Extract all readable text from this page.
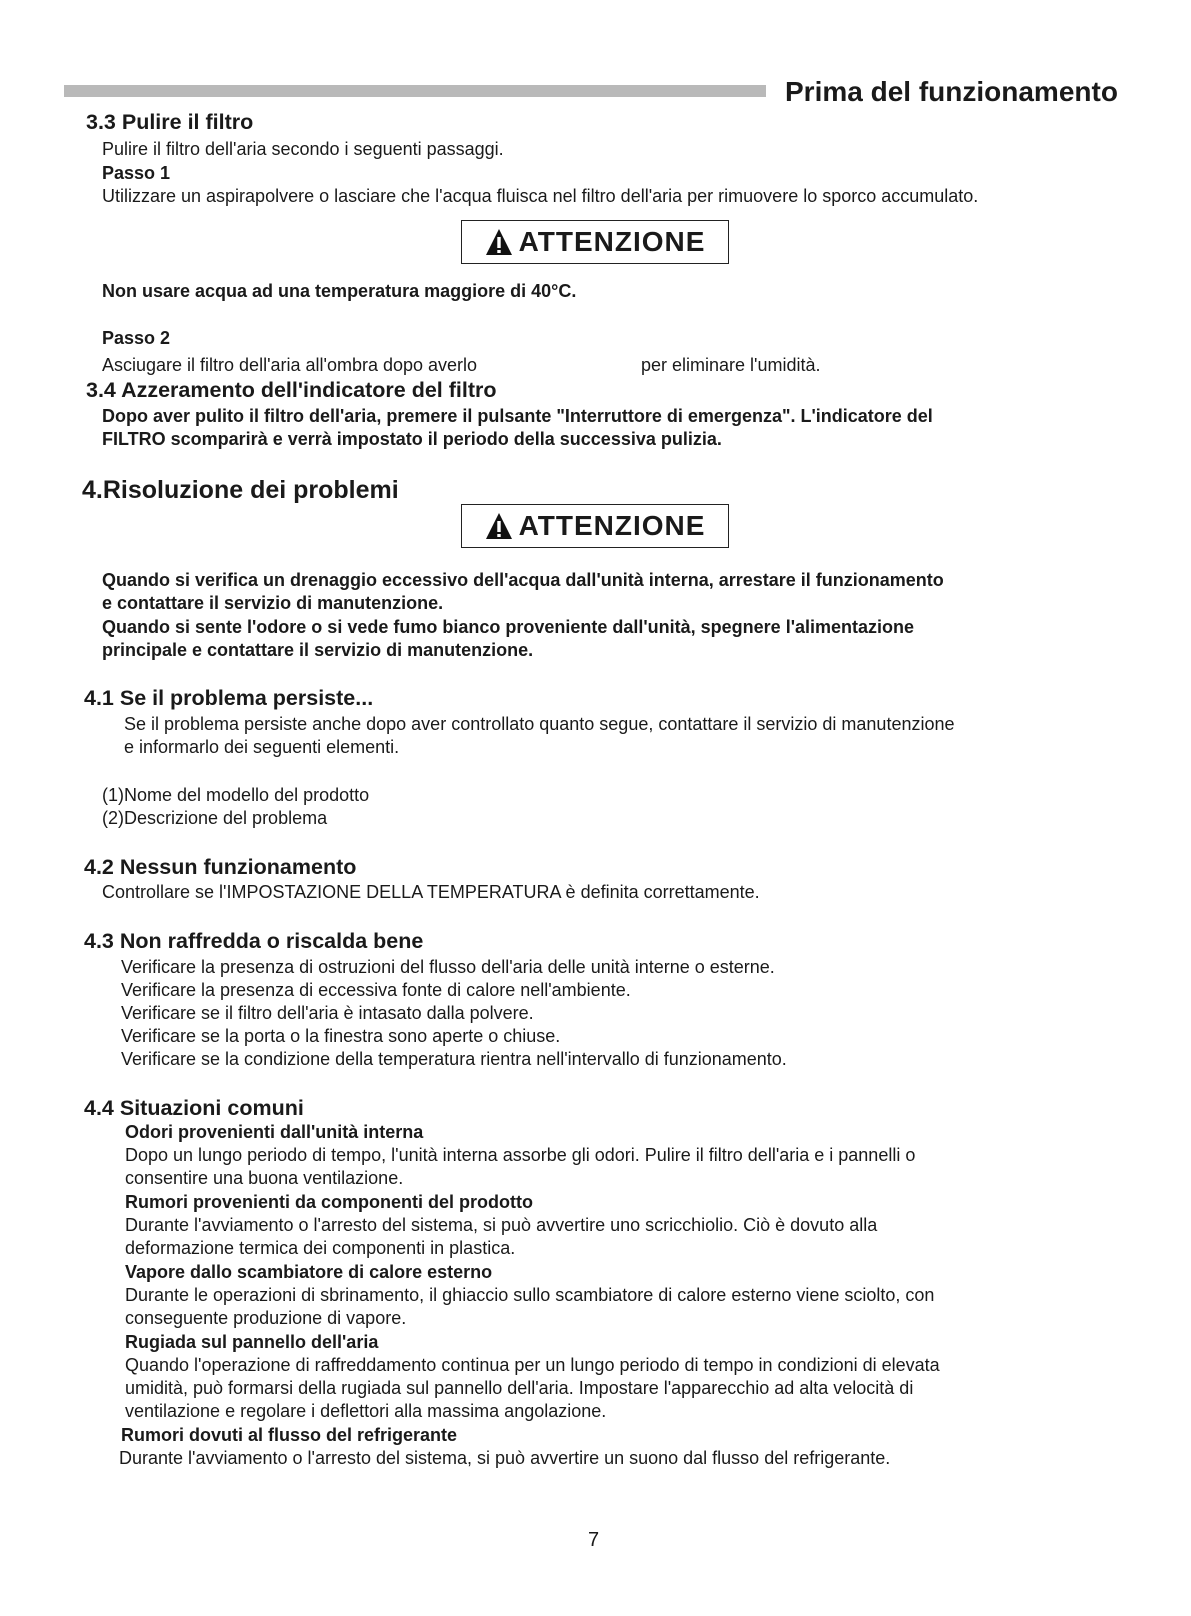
Prima del funzionamento
3.3 Pulire il filtro
Pulire il filtro dell'aria secondo i seguenti passaggi.
Passo 1
Utilizzare un aspirapolvere o lasciare che l'acqua fluisca nel filtro dell'aria per rimuovere lo sporco accumulato.
ATTENZIONE
Non usare acqua ad una temperatura maggiore di 40°C.
Passo 2
Asciugare il filtro dell'aria all'ombra dopo averlo	per eliminare l'umidità.
3.4 Azzeramento dell'indicatore del filtro
Dopo aver pulito il filtro dell'aria, premere il pulsante "Interruttore di emergenza". L'indicatore del
FILTRO scomparirà e verrà impostato il periodo della successiva pulizia.
4.Risoluzione dei problemi
ATTENZIONE
Quando si verifica un drenaggio eccessivo dell'acqua dall'unità interna, arrestare il funzionamento
e contattare il servizio di manutenzione.
Quando si sente l'odore o si vede fumo bianco proveniente dall'unità, spegnere l'alimentazione
principale e contattare il servizio di manutenzione.
4.1 Se il problema persiste...
Se il problema persiste anche dopo aver controllato quanto segue, contattare il servizio di manutenzione
e informarlo dei seguenti elementi.
(1)Nome del modello del prodotto
(2)Descrizione del problema
4.2 Nessun funzionamento
Controllare se l'IMPOSTAZIONE DELLA TEMPERATURA è definita correttamente.
4.3 Non raffredda o riscalda bene
Verificare la presenza di ostruzioni del flusso dell'aria delle unità interne o esterne.
Verificare la presenza di eccessiva fonte di calore nell'ambiente.
Verificare se il filtro dell'aria è intasato dalla polvere.
Verificare se la porta o la finestra sono aperte o chiuse.
Verificare se la condizione della temperatura rientra nell'intervallo di funzionamento.
4.4 Situazioni comuni
Odori provenienti dall'unità interna
Dopo un lungo periodo di tempo, l'unità interna assorbe gli odori. Pulire il filtro dell'aria e i pannelli o
consentire una buona ventilazione.
Rumori provenienti da componenti del prodotto
Durante l'avviamento o l'arresto del sistema, si può avvertire uno scricchiolio. Ciò è dovuto alla
deformazione termica dei componenti in plastica.
Vapore dallo scambiatore di calore esterno
Durante le operazioni di sbrinamento, il ghiaccio sullo scambiatore di calore esterno viene sciolto, con
conseguente produzione di vapore.
Rugiada sul pannello dell'aria
Quando l'operazione di raffreddamento continua per un lungo periodo di tempo in condizioni di elevata
umidità, può formarsi della rugiada sul pannello dell'aria. Impostare l'apparecchio ad alta velocità di
ventilazione e regolare i deflettori alla massima angolazione.
Rumori dovuti al flusso del refrigerante
Durante l'avviamento o l'arresto del sistema, si può avvertire un suono dal flusso del refrigerante.
7
